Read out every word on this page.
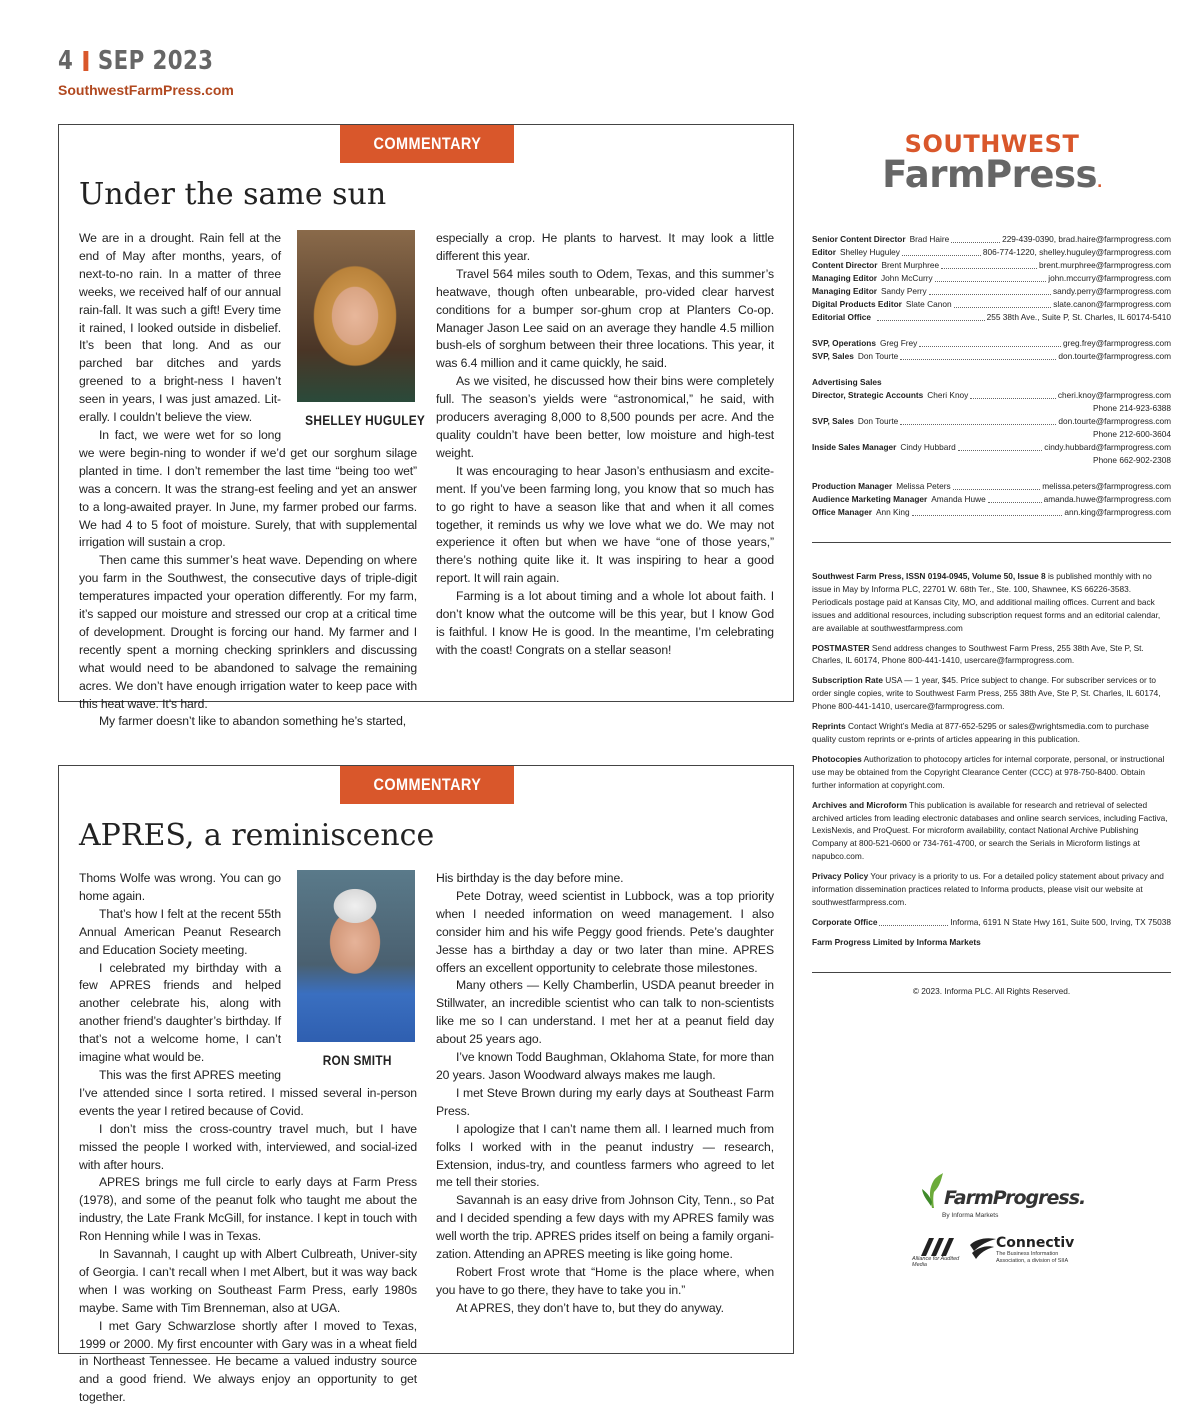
4 SEP 2023
SouthwestFarmPress.com
COMMENTARY
Under the same sun
SHELLEY HUGULEY

We are in a drought. Rain fell at the end of May after months, years, of next-to-no rain. In a matter of three weeks, we received half of our annual rain-fall. It was such a gift! Every time it rained, I looked outside in disbelief. It’s been that long. And as our parched bar ditches and yards greened to a bright-ness I haven’t seen in years, I was just amazed. Lit-erally. I couldn’t believe the view.

In fact, we were wet for so long we were begin-ning to wonder if we’d get our sorghum silage planted in time. I don’t remember the last time “being too wet” was a concern. It was the strang-est feeling and yet an answer to a long-awaited prayer. In June, my farmer probed our farms. We had 4 to 5 foot of moisture. Surely, that with supplemental irrigation will sustain a crop.

Then came this summer’s heat wave. Depending on where you farm in the Southwest, the consecutive days of triple-digit temperatures impacted your operation differently. For my farm, it’s sapped our moisture and stressed our crop at a critical time of development. Drought is forcing our hand. My farmer and I recently spent a morning checking sprinklers and discussing what would need to be abandoned to salvage the remaining acres. We don’t have enough irrigation water to keep pace with this heat wave. It’s hard.

My farmer doesn’t like to abandon something he’s started,

especially a crop. He plants to harvest. It may look a little different this year.

Travel 564 miles south to Odem, Texas, and this summer’s heatwave, though often unbearable, pro-vided clear harvest conditions for a bumper sor-ghum crop at Planters Co-op. Manager Jason Lee said on an average they handle 4.5 million bush-els of sorghum between their three locations. This year, it was 6.4 million and it came quickly, he said.

As we visited, he discussed how their bins were completely full. The season’s yields were “astronomical,” he said, with producers averaging 8,000 to 8,500 pounds per acre. And the quality couldn’t have been better, low moisture and high-test weight.

It was encouraging to hear Jason’s enthusiasm and excite-ment. If you’ve been farming long, you know that so much has to go right to have a season like that and when it all comes together, it reminds us why we love what we do. We may not experience it often but when we have “one of those years,” there’s nothing quite like it. It was inspiring to hear a good report. It will rain again.

Farming is a lot about timing and a whole lot about faith. I don’t know what the outcome will be this year, but I know God is faithful. I know He is good. In the meantime, I’m celebrating with the coast! Congrats on a stellar season!

COMMENTARY
APRES, a reminiscence
RON SMITH

Thoms Wolfe was wrong. You can go home again.

That’s how I felt at the recent 55th Annual American Peanut Research and Education Society meeting.

I celebrated my birthday with a few APRES friends and helped another celebrate his, along with another friend’s daughter’s birthday. If that’s not a welcome home, I can’t imagine what would be.

This was the first APRES meeting I’ve attended since I sorta retired. I missed several in-person events the year I retired because of Covid.

I don’t miss the cross-country travel much, but I have missed the people I worked with, interviewed, and social-ized with after hours.

APRES brings me full circle to early days at Farm Press (1978), and some of the peanut folk who taught me about the industry, the Late Frank McGill, for instance. I kept in touch with Ron Henning while I was in Texas.

In Savannah, I caught up with Albert Culbreath, Univer-sity of Georgia. I can’t recall when I met Albert, but it was way back when I was working on Southeast Farm Press, early 1980s maybe. Same with Tim Brenneman, also at UGA.

I met Gary Schwarzlose shortly after I moved to Texas, 1999 or 2000. My first encounter with Gary was in a wheat field in Northeast Tennessee. He became a valued industry source and a good friend. We always enjoy an opportunity to get together.

His birthday is the day before mine.

Pete Dotray, weed scientist in Lubbock, was a top priority when I needed information on weed management. I also consider him and his wife Peggy good friends. Pete’s daughter Jesse has a birthday a day or two later than mine. APRES offers an excellent opportunity to celebrate those milestones.

Many others — Kelly Chamberlin, USDA peanut breeder in Stillwater, an incredible scientist who can talk to non-scientists like me so I can understand. I met her at a peanut field day about 25 years ago.

I’ve known Todd Baughman, Oklahoma State, for more than 20 years. Jason Woodward always makes me laugh.

I met Steve Brown during my early days at Southeast Farm Press.

I apologize that I can’t name them all. I learned much from folks I worked with in the peanut industry — research, Extension, indus-try, and countless farmers who agreed to let me tell their stories.

Savannah is an easy drive from Johnson City, Tenn., so Pat and I decided spending a few days with my APRES family was well worth the trip. APRES prides itself on being a family organi-zation. Attending an APRES meeting is like going home.

Robert Frost wrote that “Home is the place where, when you have to go there, they have to take you in.”

At APRES, they don’t have to, but they do anyway.

SOUTHWEST
FarmPress.
Senior Content Director Brad Haire	229-439-0390, brad.haire@farmprogress.com
Editor Shelley Huguley	806-774-1220, shelley.huguley@farmprogress.com
Content Director Brent Murphree	brent.murphree@farmprogress.com
Managing Editor John McCurry	john.mccurry@farmprogress.com
Managing Editor Sandy Perry	sandy.perry@farmprogress.com
Digital Products Editor Slate Canon	slate.canon@farmprogress.com
Editorial Office	255 38th Ave., Suite P, St. Charles, IL 60174-5410
SVP, Operations Greg Frey	greg.frey@farmprogress.com
SVP, Sales Don Tourte	don.tourte@farmprogress.com
Advertising Sales
Director, Strategic Accounts Cheri Knoy	cheri.knoy@farmprogress.com
Phone 214-923-6388
SVP, Sales Don Tourte	don.tourte@farmprogress.com
Phone 212-600-3604
Inside Sales Manager Cindy Hubbard	cindy.hubbard@farmprogress.com
Phone 662-902-2308
Production Manager Melissa Peters	melissa.peters@farmprogress.com
Audience Marketing Manager Amanda Huwe	amanda.huwe@farmprogress.com
Office Manager Ann King	ann.king@farmprogress.com

Southwest Farm Press, ISSN 0194-0945, Volume 50, Issue 8 is published monthly with no issue in May by Informa PLC, 22701 W. 68th Ter., Ste. 100, Shawnee, KS 66226-3583. Periodicals postage paid at Kansas City, MO, and additional mailing offices. Current and back issues and additional resources, including subscription request forms and an editorial calendar, are available at southwestfarmpress.com

POSTMASTER Send address changes to Southwest Farm Press, 255 38th Ave, Ste P, St. Charles, IL 60174, Phone 800-441-1410, usercare@farmprogress.com.

Subscription Rate USA — 1 year, $45. Price subject to change. For subscriber services or to order single copies, write to Southwest Farm Press, 255 38th Ave, Ste P, St. Charles, IL 60174, Phone 800-441-1410, usercare@farmprogress.com.

Reprints Contact Wright’s Media at 877-652-5295 or sales@wrightsmedia.com to purchase quality custom reprints or e-prints of articles appearing in this publication.

Photocopies Authorization to photocopy articles for internal corporate, personal, or instructional use may be obtained from the Copyright Clearance Center (CCC) at 978-750-8400. Obtain further information at copyright.com.

Archives and Microform This publication is available for research and retrieval of selected archived articles from leading electronic databases and online search services, including Factiva, LexisNexis, and ProQuest. For microform availability, contact National Archive Publishing Company at 800-521-0600 or 734-761-4700, or search the Serials in Microform listings at napubco.com.

Privacy Policy Your privacy is a priority to us. For a detailed policy statement about privacy and information dissemination practices related to Informa products, please visit our website at southwestfarmpress.com.

Corporate Office	Informa, 6191 N State Hwy 161, Suite 500, Irving, TX 75038
Farm Progress Limited by Informa Markets
© 2023. Informa PLC. All Rights Reserved.
FarmProgress.
By Informa Markets
Alliance for Audited Media
Connectiv
The Business Information Association, a division of SIIA
